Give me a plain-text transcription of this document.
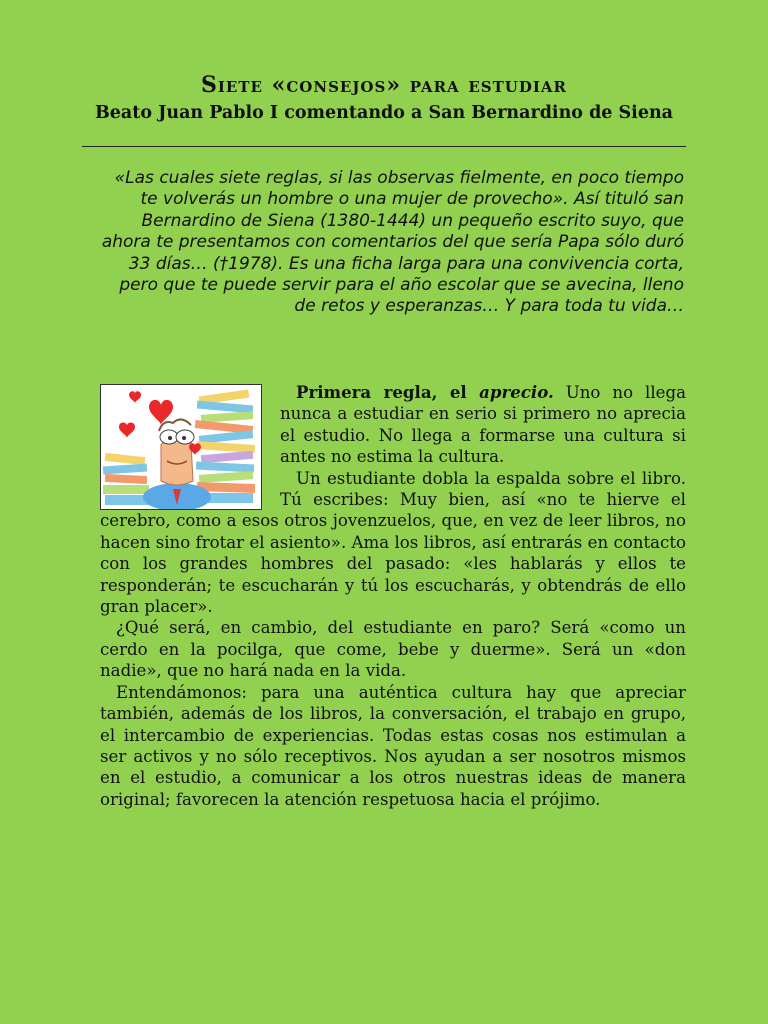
Siete «consejos» para estudiar
Beato Juan Pablo I comentando a San Bernardino de Siena

«Las cuales siete reglas, si las observas fielmente, en poco tiempo te volverás un hombre o una mujer de provecho». Así tituló san Bernardino de Siena (1380-1444) un pequeño escrito suyo, que ahora te presentamos con comentarios del que sería Papa sólo duró 33 días… (†1978). Es una ficha larga para una convivencia corta, pero que te puede servir para el año escolar que se avecina, lleno de retos y esperanzas… Y para toda tu vida…

Primera regla, el aprecio. Uno no llega nunca a estudiar en serio si primero no aprecia el estudio. No llega a formarse una cultura si antes no estima la cultura.

Un estudiante dobla la espalda sobre el libro. Tú escribes: Muy bien, así «no te hierve el cerebro, como a esos otros jovenzuelos, que, en vez de leer libros, no hacen sino frotar el asiento». Ama los libros, así entrarás en contacto con los grandes hombres del pasado: «les hablarás y ellos te responderán; te escucharán y tú los escucharás, y obtendrás de ello gran placer».

¿Qué será, en cambio, del estudiante en paro? Será «como un cerdo en la pocilga, que come, bebe y duerme». Será un «don nadie», que no hará nada en la vida.

Entendámonos: para una auténtica cultura hay que apreciar también, además de los libros, la conversación, el trabajo en grupo, el intercambio de experiencias. Todas estas cosas nos estimulan a ser activos y no sólo receptivos. Nos ayudan a ser nosotros mismos en el estudio, a comunicar a los otros nuestras ideas de manera original; favorecen la atención respetuosa hacia el prójimo.
